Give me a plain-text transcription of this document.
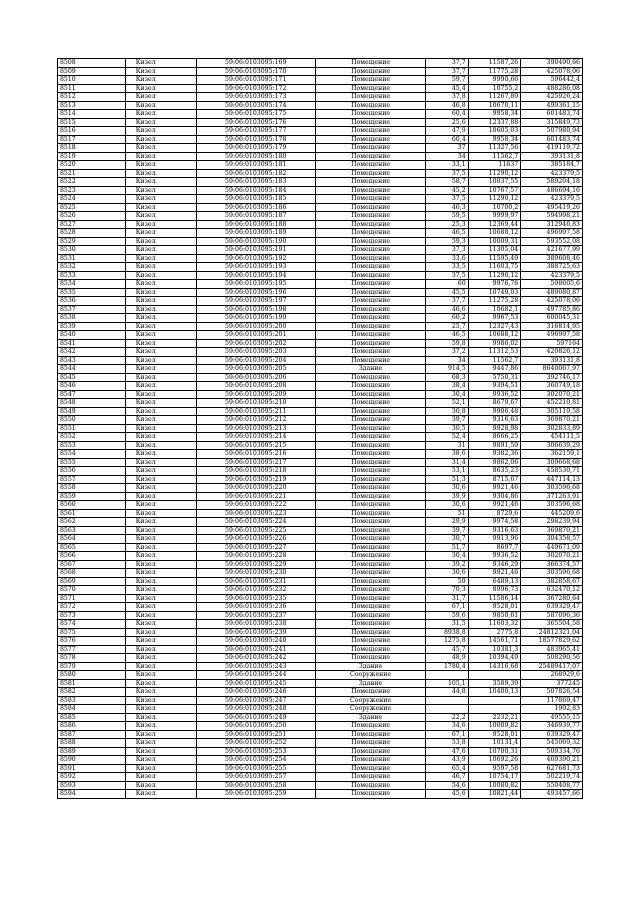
8508	Кизел	59:06:0103095:169	Помещение	37,7	11587,26	390490,66
8509	Кизел	59:06:0103095:170	Помещение	37,7	11775,28	425078,06
8510	Кизел	59:06:0103095:171	Помещение	59,7	9990,66	596442,4
8511	Кизел	59:06:0103095:172	Помещение	45,4	10755,2	488286,08
8512	Кизел	59:06:0103095:173	Помещение	37,8	11267,89	425926,24
8513	Кизел	59:06:0103095:174	Помещение	46,8	10670,11	499361,15
8514	Кизел	59:06:0103095:175	Помещение	60,4	9958,34	601483,74
8515	Кизел	59:06:0103095:176	Помещение	25,6	12337,88	315849,73
8516	Кизел	59:06:0103095:177	Помещение	47,9	10605,03	507980,94
8517	Кизел	59:06:0103095:178	Помещение	60,4	9958,34	601483,74
8518	Кизел	59:06:0103095:179	Помещение	37	11327,56	419119,72
8519	Кизел	59:06:0103095:180	Помещение	34	11562,7	393131,8
8520	Кизел	59:06:0103095:181	Помещение	33,1	11637	385184,7
8521	Кизел	59:06:0103095:182	Помещение	37,5	11290,12	423379,5
8522	Кизел	59:06:0103095:183	Помещение	58,7	10037,55	589204,18
8523	Кизел	59:06:0103095:184	Помещение	45,2	10767,57	486694,16
8524	Кизел	59:06:0103095:185	Помещение	37,5	11290,12	423379,5
8525	Кизел	59:06:0103095:186	Помещение	46,3	10700,2	495419,26
8526	Кизел	59:06:0103095:187	Помещение	59,5	9999,97	594998,21
8527	Кизел	59:06:0103095:188	Помещение	25,3	12369,44	312946,83
8528	Кизел	59:06:0103095:189	Помещение	46,5	10688,12	496997,58
8529	Кизел	59:06:0103095:190	Помещение	59,3	10009,31	593552,08
8530	Кизел	59:06:0103095:191	Помещение	37,3	11305,04	421677,99
8531	Кизел	59:06:0103095:192	Помещение	33,6	11595,49	389608,46
8532	Кизел	59:06:0103095:193	Помещение	33,5	11603,75	388725,63
8533	Кизел	59:06:0103095:194	Помещение	37,5	11290,12	423379,5
8534	Кизел	59:06:0103095:195	Помещение	60	9976,76	598605,6
8535	Кизел	59:06:0103095:196	Помещение	45,5	10749,03	489080,87
8536	Кизел	59:06:0103095:197	Помещение	37,7	11275,28	425078,06
8537	Кизел	59:06:0103095:198	Помещение	46,6	10682,1	497785,86
8538	Кизел	59:06:0103095:199	Помещение	60,2	9967,53	600045,31
8539	Кизел	59:06:0103095:200	Помещение	25,7	12327,43	316814,95
8540	Кизел	59:06:0103095:201	Помещение	46,5	10688,12	496997,58
8541	Кизел	59:06:0103095:202	Помещение	59,8	9986,02	597164
8542	Кизел	59:06:0103095:203	Помещение	37,2	11312,53	420826,12
8543	Кизел	59:06:0103095:204	Помещение	34	11562,7	393131,8
8544	Кизел	59:06:0103095:205	Здание	914,5	9447,86	8640067,97
8545	Кизел	59:06:0103095:206	Помещение	68,3	5750,31	392746,17
8546	Кизел	59:06:0103095:208	Помещение	38,4	9394,51	360749,18
8547	Кизел	59:06:0103095:209	Помещение	30,4	9936,52	302070,21
8548	Кизел	59:06:0103095:210	Помещение	52,1	8679,67	452210,81
8549	Кизел	59:06:0103095:211	Помещение	30,8	9906,48	305119,58
8550	Кизел	59:06:0103095:212	Помещение	39,7	9316,63	369870,21
8551	Кизел	59:06:0103095:213	Помещение	30,5	9928,98	302833,89
8552	Кизел	59:06:0103095:214	Помещение	52,4	8666,25	454111,5
8553	Кизел	59:06:0103095:215	Помещение	31	9891,59	306639,29
8554	Кизел	59:06:0103095:216	Помещение	38,6	9382,36	362159,1
8555	Кизел	59:06:0103095:217	Помещение	31,4	9862,06	309668,68
8556	Кизел	59:06:0103095:218	Помещение	53,1	8635,23	458530,71
8557	Кизел	59:06:0103095:219	Помещение	51,3	8715,67	447114,13
8558	Кизел	59:06:0103095:220	Помещение	30,6	9921,46	303596,68
8559	Кизел	59:06:0103095:221	Помещение	39,9	9304,86	371263,91
8560	Кизел	59:06:0103095:222	Помещение	30,6	9921,46	303596,68
8561	Кизел	59:06:0103095:223	Помещение	51	8729,6	445209,6
8562	Кизел	59:06:0103095:224	Помещение	29,9	9974,58	298239,94
8563	Кизел	59:06:0103095:225	Помещение	39,7	9316,63	369870,21
8564	Кизел	59:06:0103095:226	Помещение	30,7	9913,96	304358,57
8565	Кизел	59:06:0103095:227	Помещение	51,7	8697,7	449671,09
8566	Кизел	59:06:0103095:228	Помещение	30,4	9936,52	302070,21
8567	Кизел	59:06:0103095:229	Помещение	39,2	9346,29	366374,57
8568	Кизел	59:06:0103095:230	Помещение	30,6	9921,46	303596,68
8569	Кизел	59:06:0103095:231	Помещение	59	6489,13	382858,67
8570	Кизел	59:06:0103095:232	Помещение	70,3	8996,73	632470,12
8571	Кизел	59:06:0103095:235	Помещение	31,7	11586,14	367280,64
8572	Кизел	59:06:0103095:236	Помещение	67,1	9528,01	639329,47
8573	Кизел	59:06:0103095:237	Помещение	59,6	9850,61	587096,36
8574	Кизел	59:06:0103095:238	Помещение	31,5	11603,32	365504,58
8575	Кизел	59:06:0103095:239	Помещение	8938,8	2775,8	24812321,04
8576	Кизел	59:06:0103095:240	Помещение	1275,8	14561,71	18577829,62
8577	Кизел	59:06:0103095:241	Помещение	45,7	10381,3	483965,41
8578	Кизел	59:06:0103095:242	Помещение	48,9	10394,49	508290,56
8579	Кизел	59:06:0103095:243	Здание	1780,4	14316,68	25489417,07
8580	Кизел	59:06:0103095:244	Сооружение			268929,6
8581	Кизел	59:06:0103095:245	Здание	105,1	3589,39	377245
8582	Кизел	59:06:0103095:246	Помещение	44,8	10400,13	507826,54
8583	Кизел	59:06:0103095:247	Сооружение			117869,47
8584	Кизел	59:06:0103095:248	Сооружение			1992,83
8585	Кизел	59:06:0103095:249	Здание	22,2	2232,21	49555,15
8586	Кизел	59:06:0103095:250	Помещение	34,6	10009,82	346939,77
8587	Кизел	59:06:0103095:251	Помещение	67,1	9528,01	639329,47
8588	Кизел	59:06:0103095:252	Помещение	53,8	10131,4	545069,32
8589	Кизел	59:06:0103095:253	Помещение	47,6	10700,31	509334,76
8590	Кизел	59:06:0103095:254	Помещение	43,9	10692,26	469390,21
8591	Кизел	59:06:0103095:255	Помещение	65,4	9597,58	627681,73
8592	Кизел	59:06:0103095:257	Помещение	46,7	10754,17	502219,74
8593	Кизел	59:06:0103095:258	Помещение	54,6	10080,82	550408,77
8594	Кизел	59:06:0103095:259	Помещение	45,6	10821,44	493457,66
